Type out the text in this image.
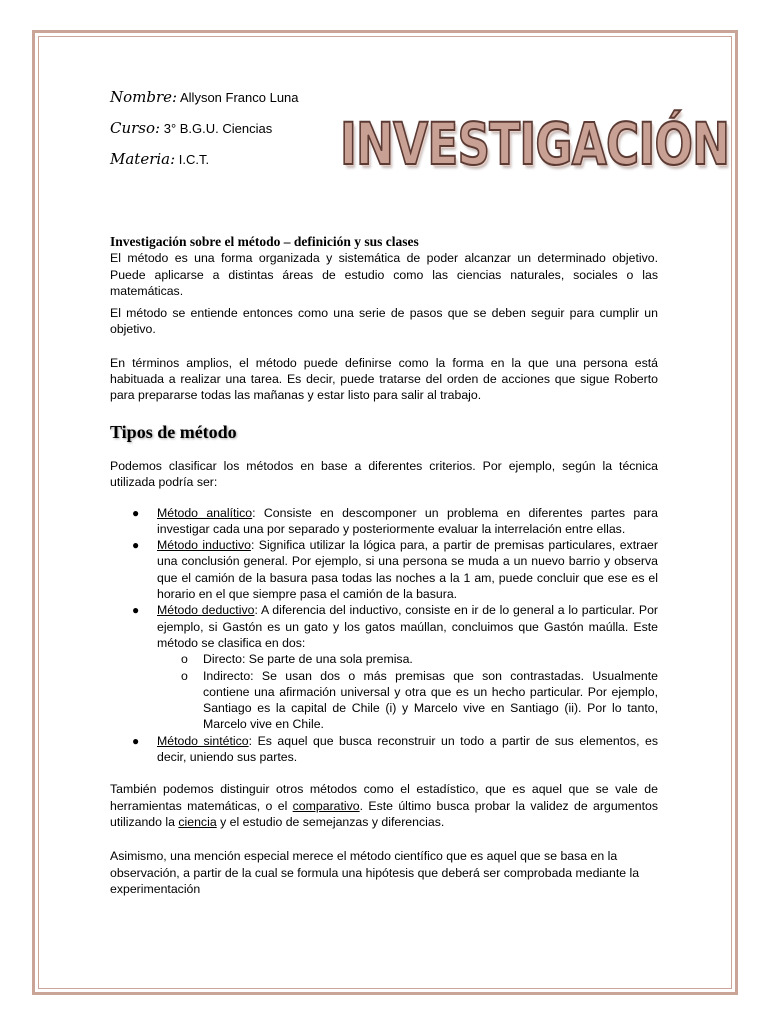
Nombre: Allyson Franco Luna
Curso: 3° B.G.U. Ciencias
Materia: I.C.T. INVESTIGACIÓN

Investigación sobre el método – definición y sus clases

El método es una forma organizada y sistemática de poder alcanzar un determinado objetivo. Puede aplicarse a distintas áreas de estudio como las ciencias naturales, sociales o las matemáticas.

El método se entiende entonces como una serie de pasos que se deben seguir para cumplir un objetivo.

En términos amplios, el método puede definirse como la forma en la que una persona está habituada a realizar una tarea. Es decir, puede tratarse del orden de acciones que sigue Roberto para prepararse todas las mañanas y estar listo para salir al trabajo.

Tipos de método

Podemos clasificar los métodos en base a diferentes criterios. Por ejemplo, según la técnica utilizada podría ser:

● Método analítico: Consiste en descomponer un problema en diferentes partes para investigar cada una por separado y posteriormente evaluar la interrelación entre ellas.
● Método inductivo: Significa utilizar la lógica para, a partir de premisas particulares, extraer una conclusión general. Por ejemplo, si una persona se muda a un nuevo barrio y observa que el camión de la basura pasa todas las noches a la 1 am, puede concluir que ese es el horario en el que siempre pasa el camión de la basura.
● Método deductivo: A diferencia del inductivo, consiste en ir de lo general a lo particular. Por ejemplo, si Gastón es un gato y los gatos maúllan, concluimos que Gastón maúlla. Este método se clasifica en dos:
o Directo: Se parte de una sola premisa.
o Indirecto: Se usan dos o más premisas que son contrastadas. Usualmente contiene una afirmación universal y otra que es un hecho particular. Por ejemplo, Santiago es la capital de Chile (i) y Marcelo vive en Santiago (ii). Por lo tanto, Marcelo vive en Chile.
● Método sintético: Es aquel que busca reconstruir un todo a partir de sus elementos, es decir, uniendo sus partes.

También podemos distinguir otros métodos como el estadístico, que es aquel que se vale de herramientas matemáticas, o el comparativo. Este último busca probar la validez de argumentos utilizando la ciencia y el estudio de semejanzas y diferencias.

Asimismo, una mención especial merece el método científico que es aquel que se basa en la observación, a partir de la cual se formula una hipótesis que deberá ser comprobada mediante la experimentación
